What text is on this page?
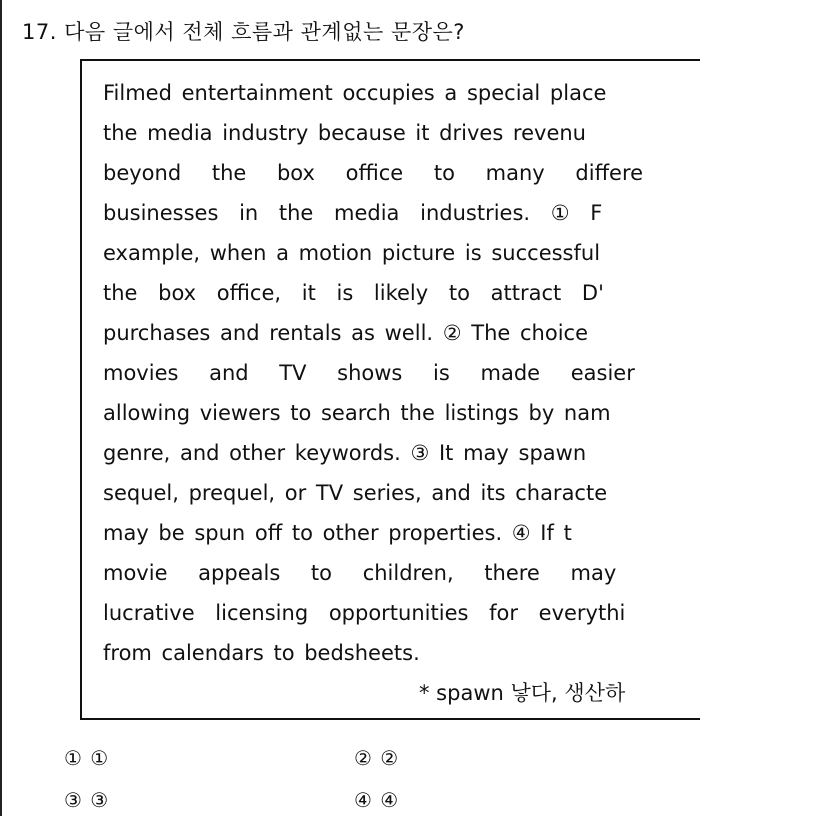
17. 다음 글에서 전체 흐름과 관계없는 문장은?
Filmed entertainment occupies a special place
the media industry because it drives revenu
beyond the box office to many differe
businesses in the media industries. ① F
example, when a motion picture is successful
the box office, it is likely to attract D'
purchases and rentals as well. ② The choice
movies and TV shows is made easier
allowing viewers to search the listings by nam
genre, and other keywords. ③ It may spawn
sequel, prequel, or TV series, and its characte
may be spun off to other properties. ④ If t
movie appeals to children, there may
lucrative licensing opportunities for everythi
from calendars to bedsheets.
* spawn 낳다, 생산하
① ①	② ②
③ ③	④ ④
